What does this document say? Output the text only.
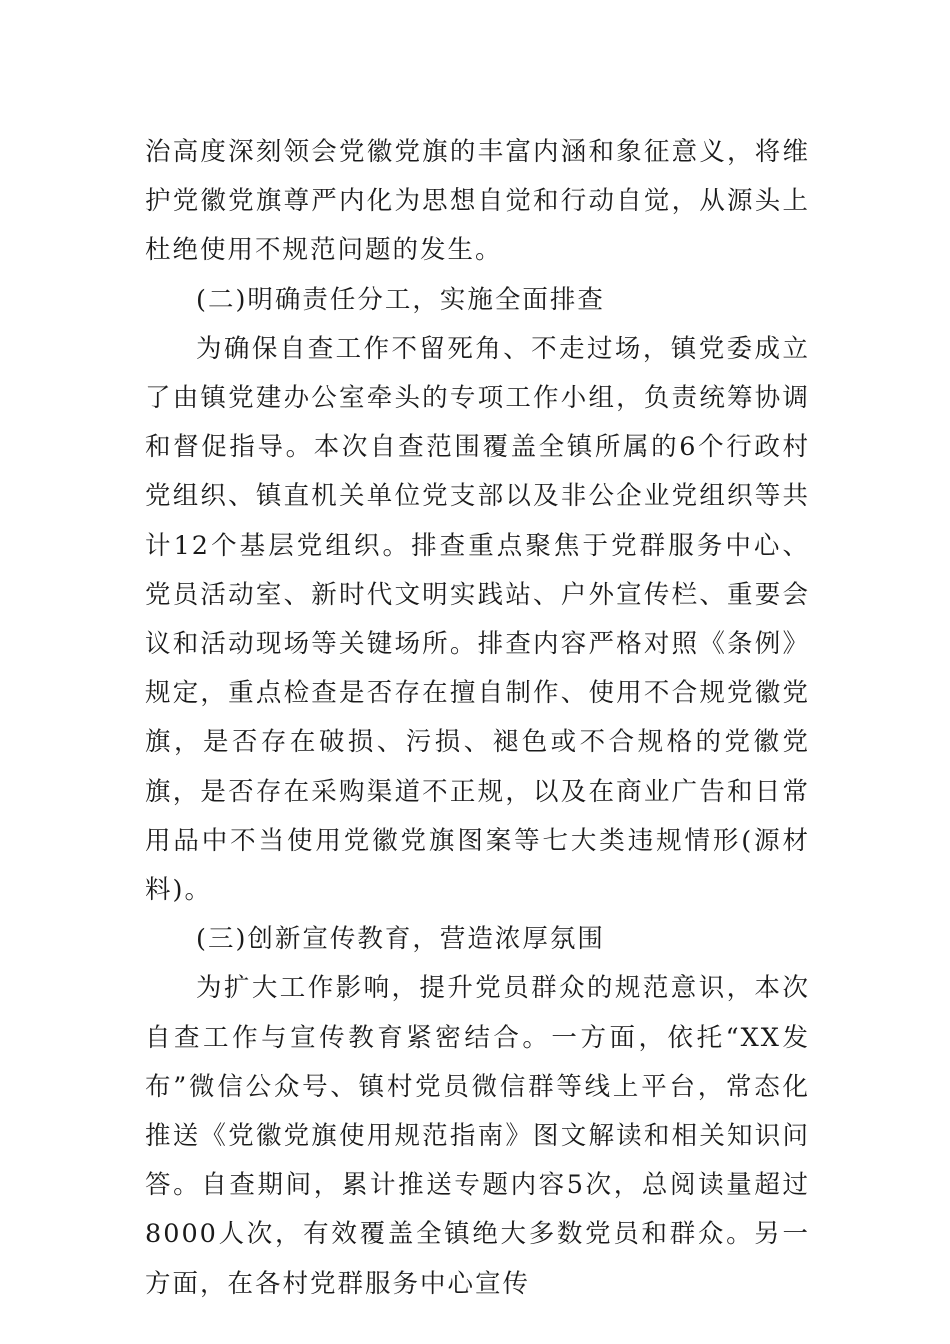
治高度深刻领会党徽党旗的丰富内涵和象征意义，将维护党徽党旗尊严内化为思想自觉和行动自觉，从源头上杜绝使用不规范问题的发生。

(二)明确责任分工，实施全面排查

为确保自查工作不留死角、不走过场，镇党委成立了由镇党建办公室牵头的专项工作小组，负责统筹协调和督促指导。本次自查范围覆盖全镇所属的6个行政村党组织、镇直机关单位党支部以及非公企业党组织等共计12个基层党组织。排查重点聚焦于党群服务中心、党员活动室、新时代文明实践站、户外宣传栏、重要会议和活动现场等关键场所。排查内容严格对照《条例》规定，重点检查是否存在擅自制作、使用不合规党徽党旗，是否存在破损、污损、褪色或不合规格的党徽党旗，是否存在采购渠道不正规，以及在商业广告和日常用品中不当使用党徽党旗图案等七大类违规情形(源材料)。

(三)创新宣传教育，营造浓厚氛围

为扩大工作影响，提升党员群众的规范意识，本次自查工作与宣传教育紧密结合。一方面，依托“XX发布”微信公众号、镇村党员微信群等线上平台，常态化推送《党徽党旗使用规范指南》图文解读和相关知识问答。自查期间，累计推送专题内容5次，总阅读量超过8000人次，有效覆盖全镇绝大多数党员和群众。另一方面，在各村党群服务中心宣传
